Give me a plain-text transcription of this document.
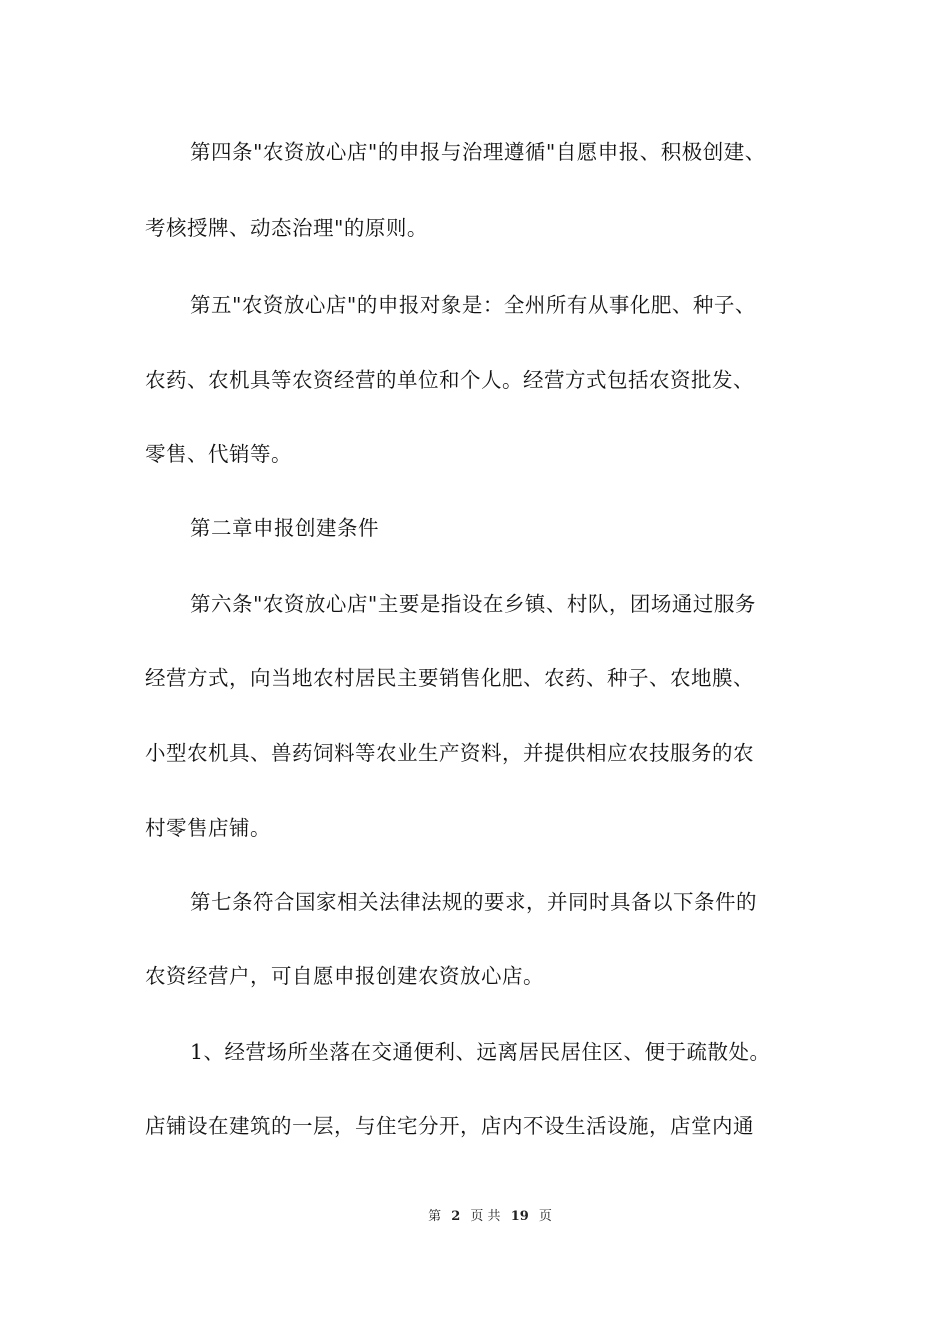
第四条"农资放心店"的申报与治理遵循"自愿申报、积极创建、
考核授牌、动态治理"的原则。
第五"农资放心店"的申报对象是：全州所有从事化肥、种子、
农药、农机具等农资经营的单位和个人。经营方式包括农资批发、
零售、代销等。
第二章申报创建条件
第六条"农资放心店"主要是指设在乡镇、村队，团场通过服务
经营方式，向当地农村居民主要销售化肥、农药、种子、农地膜、
小型农机具、兽药饲料等农业生产资料，并提供相应农技服务的农
村零售店铺。
第七条符合国家相关法律法规的要求，并同时具备以下条件的
农资经营户，可自愿申报创建农资放心店。
1、经营场所坐落在交通便利、远离居民居住区、便于疏散处。
店铺设在建筑的一层，与住宅分开，店内不设生活设施，店堂内通
第 2 页 共 19 页
